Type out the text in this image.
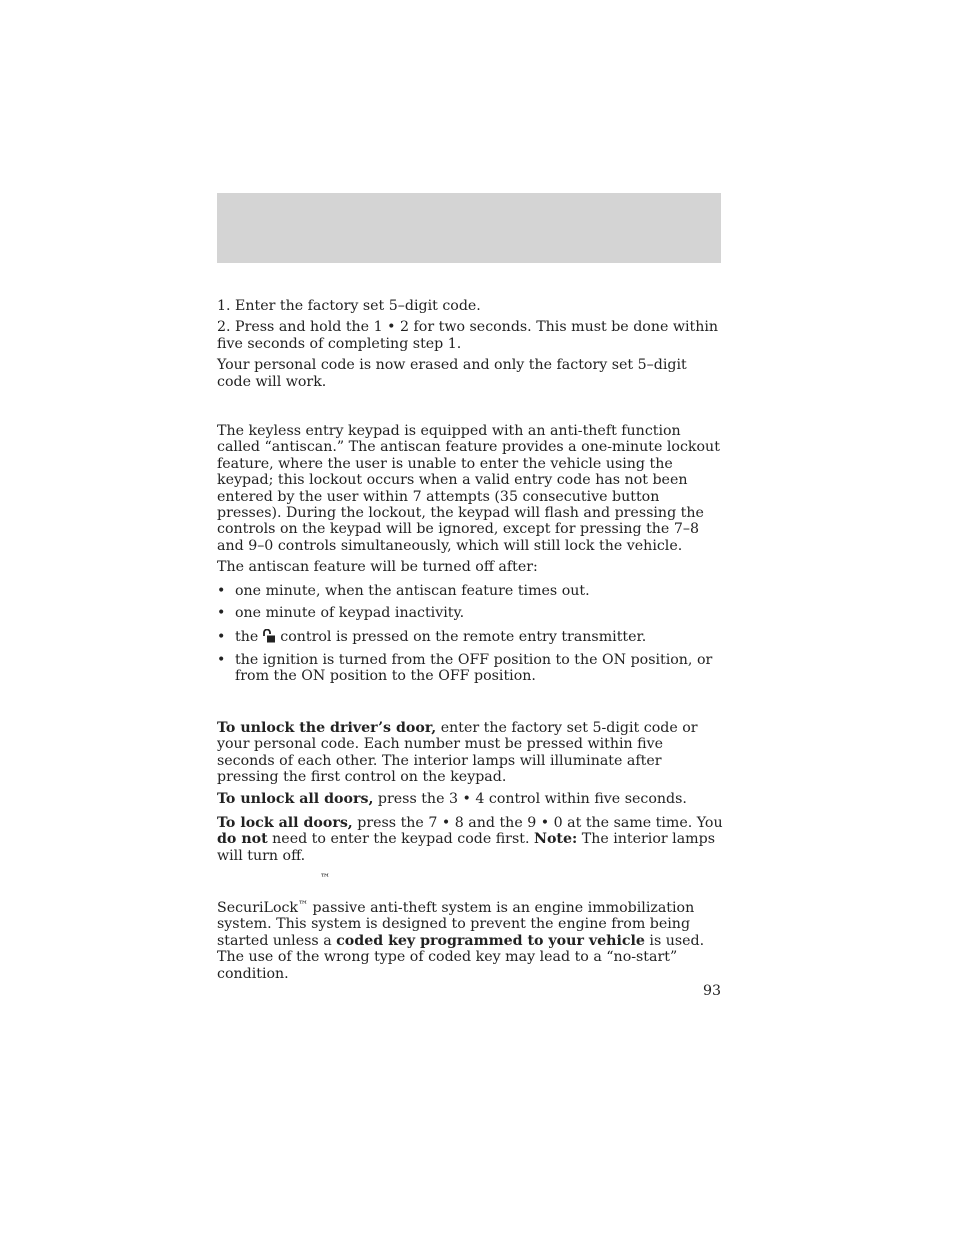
1. Enter the factory set 5–digit code.

2. Press and hold the 1 • 2 for two seconds. This must be done within five seconds of completing step 1.

Your personal code is now erased and only the factory set 5–digit code will work.

The keyless entry keypad is equipped with an anti-theft function called “antiscan.” The antiscan feature provides a one-minute lockout feature, where the user is unable to enter the vehicle using the keypad; this lockout occurs when a valid entry code has not been entered by the user within 7 attempts (35 consecutive button presses). During the lockout, the keypad will flash and pressing the controls on the keypad will be ignored, except for pressing the 7–8 and 9–0 controls simultaneously, which will still lock the vehicle.

The antiscan feature will be turned off after:

• one minute, when the antiscan feature times out.
• one minute of keypad inactivity.
• the control is pressed on the remote entry transmitter.
• the ignition is turned from the OFF position to the ON position, or from the ON position to the OFF position.

To unlock the driver’s door, enter the factory set 5-digit code or your personal code. Each number must be pressed within five seconds of each other. The interior lamps will illuminate after pressing the first control on the keypad.

To unlock all doors, press the 3 • 4 control within five seconds.

To lock all doors, press the 7 • 8 and the 9 • 0 at the same time. You do not need to enter the keypad code first. Note: The interior lamps will turn off.

™

SecuriLock™ passive anti-theft system is an engine immobilization system. This system is designed to prevent the engine from being started unless a coded key programmed to your vehicle is used. The use of the wrong type of coded key may lead to a “no-start” condition.

93
